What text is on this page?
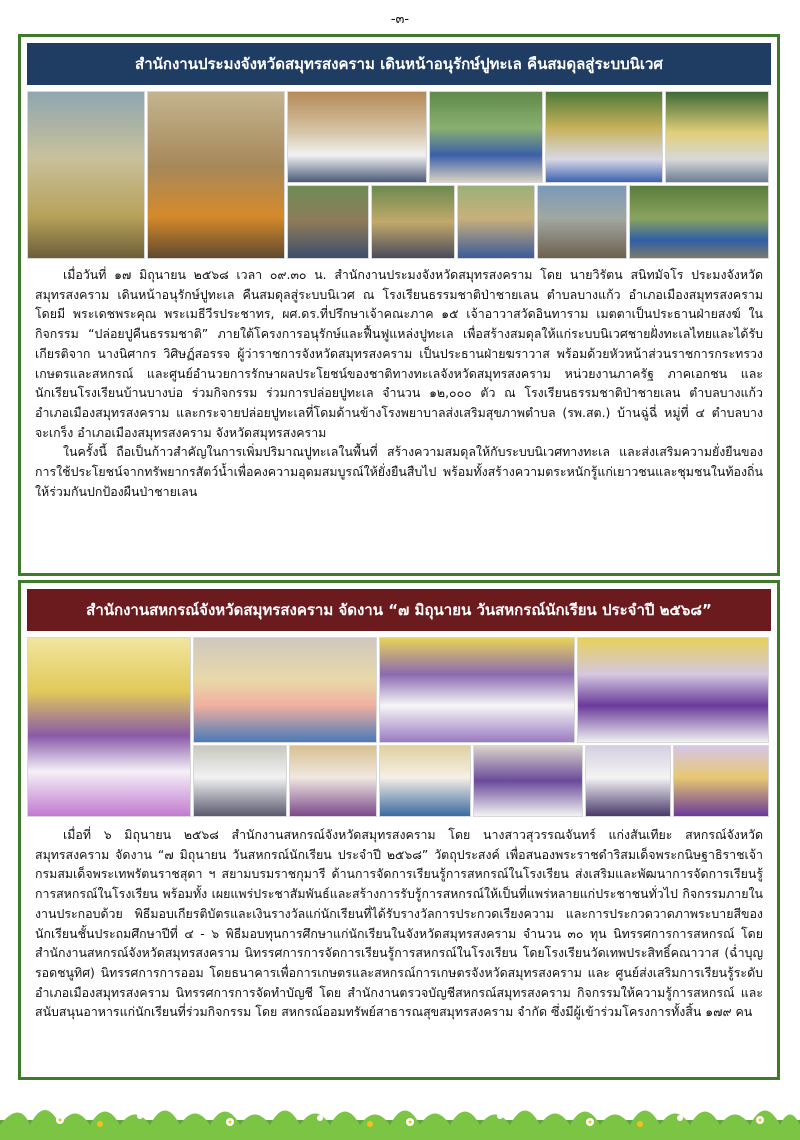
-๓-
สำนักงานประมงจังหวัดสมุทรสงคราม เดินหน้าอนุรักษ์ปูทะเล คืนสมดุลสู่ระบบนิเวศ

เมื่อวันที่ ๑๗ มิถุนายน ๒๕๖๘ เวลา ๐๙.๓๐ น. สำนักงานประมงจังหวัดสมุทรสงคราม โดย นายวิรัตน สนิทมัจโร ประมงจังหวัดสมุทรสงคราม เดินหน้าอนุรักษ์ปูทะเล คืนสมดุลสู่ระบบนิเวศ ณ โรงเรียนธรรมชาติป่าชายเลน ตำบลบางแก้ว อำเภอเมืองสมุทรสงคราม โดยมี พระเดชพระคุณ พระเมธีวีรประชาทร, ผศ.ดร.ที่ปรึกษาเจ้าคณะภาค ๑๕ เจ้าอาวาสวัดอินทาราม เมตตาเป็นประธานฝ่ายสงฆ์ ในกิจกรรม “ปล่อยปูคืนธรรมชาติ” ภายใต้โครงการอนุรักษ์และฟื้นฟูแหล่งปูทะเล เพื่อสร้างสมดุลให้แก่ระบบนิเวศชายฝั่งทะเลไทยและได้รับเกียรติจาก นางนิศากร วิศิษฏ์สอรรจ ผู้ว่าราชการจังหวัดสมุทรสงคราม เป็นประธานฝ่ายฆราวาส พร้อมด้วยหัวหน้าส่วนราชการกระทรวงเกษตรและสหกรณ์ และศูนย์อำนวยการรักษาผลประโยชน์ของชาติทางทะเลจังหวัดสมุทรสงคราม หน่วยงานภาครัฐ ภาคเอกชน และนักเรียนโรงเรียนบ้านบางบ่อ ร่วมกิจกรรม ร่วมการปล่อยปูทะเล จำนวน ๑๒,๐๐๐ ตัว ณ โรงเรียนธรรมชาติป่าชายเลน ตำบลบางแก้ว อำเภอเมืองสมุทรสงคราม และกระจายปล่อยปูทะเลที่โดมด้านข้างโรงพยาบาลส่งเสริมสุขภาพตำบล (รพ.สต.) บ้านฉู่ฉี่ หมู่ที่ ๔ ตำบลบางจะเกร็ง อำเภอเมืองสมุทรสงคราม จังหวัดสมุทรสงคราม

ในครั้งนี้ ถือเป็นก้าวสำคัญในการเพิ่มปริมาณปูทะเลในพื้นที่ สร้างความสมดุลให้กับระบบนิเวศทางทะเล และส่งเสริมความยั่งยืนของการใช้ประโยชน์จากทรัพยากรสัตว์น้ำเพื่อคงความอุดมสมบูรณ์ให้ยั่งยืนสืบไป พร้อมทั้งสร้างความตระหนักรู้แก่เยาวชนและชุมชนในท้องถิ่นให้ร่วมกันปกป้องผืนป่าชายเลน

สำนักงานสหกรณ์จังหวัดสมุทรสงคราม จัดงาน “๗ มิถุนายน วันสหกรณ์นักเรียน ประจำปี ๒๕๖๘”

เมื่อที่ ๖ มิถุนายน ๒๕๖๘ สำนักงานสหกรณ์จังหวัดสมุทรสงคราม โดย นางสาวสุวรรณจันทร์ แก่งสันเทียะ สหกรณ์จังหวัดสมุทรสงคราม จัดงาน “๗ มิถุนายน วันสหกรณ์นักเรียน ประจำปี ๒๕๖๘” วัตถุประสงค์ เพื่อสนองพระราชดำริสมเด็จพระกนิษฐาธิราชเจ้า กรมสมเด็จพระเทพรัตนราชสุดา ฯ สยามบรมราชกุมารี ด้านการจัดการเรียนรู้การสหกรณ์ในโรงเรียน ส่งเสริมและพัฒนาการจัดการเรียนรู้การสหกรณ์ในโรงเรียน พร้อมทั้ง เผยแพร่ประชาสัมพันธ์และสร้างการรับรู้การสหกรณ์ให้เป็นที่แพร่หลายแก่ประชาชนทั่วไป กิจกรรมภายในงานประกอบด้วย พิธีมอบเกียรติบัตรและเงินรางวัลแก่นักเรียนที่ได้รับรางวัลการประกวดเรียงความ และการประกวดวาดภาพระบายสีของนักเรียนชั้นประถมศึกษาปีที่ ๔ - ๖ พิธีมอบทุนการศึกษาแก่นักเรียนในจังหวัดสมุทรสงคราม จำนวน ๓๐ ทุน นิทรรศการการสหกรณ์ โดย สำนักงานสหกรณ์จังหวัดสมุทรสงคราม นิทรรศการการจัดการเรียนรู้การสหกรณ์ในโรงเรียน โดยโรงเรียนวัดเทพประสิทธิ์คณาวาส (ฉ่ำบุญรอดชนูทิศ) นิทรรศการการออม โดยธนาคารเพื่อการเกษตรและสหกรณ์การเกษตรจังหวัดสมุทรสงคราม และ ศูนย์ส่งเสริมการเรียนรู้ระดับอำเภอเมืองสมุทรสงคราม นิทรรศการการจัดทำบัญชี โดย สำนักงานตรวจบัญชีสหกรณ์สมุทรสงคราม กิจกรรมให้ความรู้การสหกรณ์ และ สนับสนุนอาหารแก่นักเรียนที่ร่วมกิจกรรม โดย สหกรณ์ออมทรัพย์สาธารณสุขสมุทรสงคราม จำกัด ซึ่งมีผู้เข้าร่วมโครงการทั้งสิ้น ๑๗๙ คน
